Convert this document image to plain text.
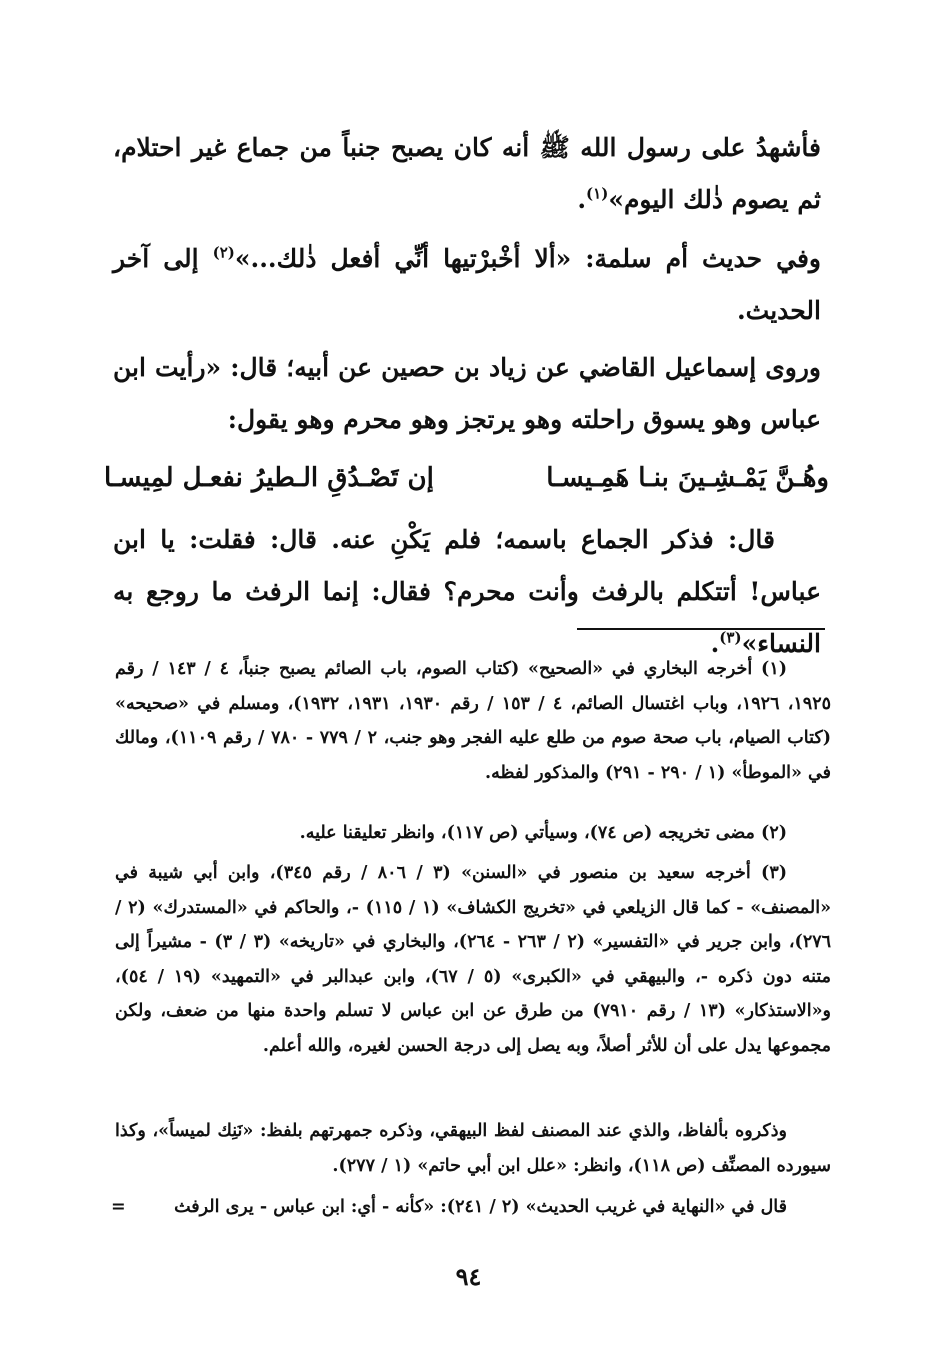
فأشهدُ على رسول الله ﷺ أنه كان يصبح جنباً من جماع غير احتلام، ثم يصوم ذٰلك اليوم»$^{(١)}$.

وفي حديث أم سلمة: «ألا أخْبرْتيها أنِّي أفعل ذٰلك...»$^{(٢)}$ إلى آخر الحديث.

وروى إسماعيل القاضي عن زياد بن حصين عن أبيه؛ قال: «رأيت ابن عباس وهو يسوق راحلته وهو يرتجز وهو محرم وهو يقول:

وهُـنَّ يَمْـشِـينَ بنـا هَمِـيسـا
إن تَصْـدُقِ الـطيرُ نفعـل لمِيسـا

قال: فذكر الجماع باسمه؛ فلم يَكْنِ عنه. قال: فقلت: يا ابن عباس! أتتكلم بالرفث وأنت محرم؟ فقال: إنما الرفث ما روجع به النساء»$^{(٣)}$.

(١) أخرجه البخاري في «الصحيح» (كتاب الصوم، باب الصائم يصبح جنباً، ٤ / ١٤٣ / رقم ١٩٢٥، ١٩٢٦، وباب اغتسال الصائم، ٤ / ١٥٣ / رقم ١٩٣٠، ١٩٣١، ١٩٣٢)، ومسلم في «صحيحه» (كتاب الصيام، باب صحة صوم من طلع عليه الفجر وهو جنب، ٢ / ٧٧٩ - ٧٨٠ / رقم ١١٠٩)، ومالك في «الموطأ» (١ / ٢٩٠ - ٢٩١) والمذكور لفظه.

(٢) مضى تخريجه (ص ٧٤)، وسيأتي (ص ١١٧)، وانظر تعليقنا عليه.

(٣) أخرجه سعيد بن منصور في «السنن» (٣ / ٨٠٦ / رقم ٣٤٥)، وابن أبي شيبة في «المصنف» - كما قال الزيلعي في «تخريج الكشاف» (١ / ١١٥) -، والحاكم في «المستدرك» (٢ / ٢٧٦)، وابن جرير في «التفسير» (٢ / ٢٦٣ - ٢٦٤)، والبخاري في «تاريخه» (٣ / ٣) - مشيراً إلى متنه دون ذكره -، والبيهقي في «الكبرى» (٥ / ٦٧)، وابن عبدالبر في «التمهيد» (١٩ / ٥٤)، و«الاستذكار» (١٣ / رقم ٧٩١٠) من طرق عن ابن عباس لا تسلم واحدة منها من ضعف، ولكن مجموعها يدل على أن للأثر أصلاً، وبه يصل إلى درجة الحسن لغيره، والله أعلم.

وذكروه بألفاظ، والذي عند المصنف لفظ البيهقي، وذكره جمهرتهم بلفظ: «نَنِك لميساً»، وكذا سيورده المصنِّف (ص ١١٨)، وانظر: «علل ابن أبي حاتم» (١ / ٢٧٧).

قال في «النهاية في غريب الحديث» (٢ / ٢٤١): «كأنه - أي: ابن عباس - يرى الرفث
=
٩٤
